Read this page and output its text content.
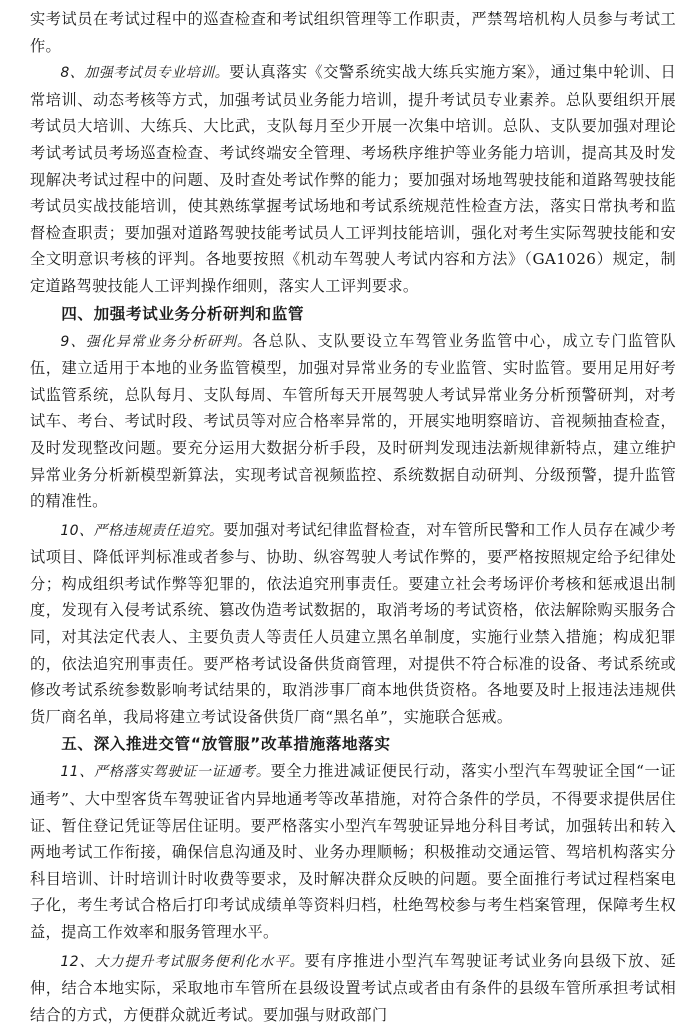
实考试员在考试过程中的巡查检查和考试组织管理等工作职责，严禁驾培机构人员参与考试工作。

8、加强考试员专业培训。要认真落实《交警系统实战大练兵实施方案》，通过集中轮训、日常培训、动态考核等方式，加强考试员业务能力培训，提升考试员专业素养。总队要组织开展考试员大培训、大练兵、大比武，支队每月至少开展一次集中培训。总队、支队要加强对理论考试考试员考场巡查检查、考试终端安全管理、考场秩序维护等业务能力培训，提高其及时发现解决考试过程中的问题、及时查处考试作弊的能力；要加强对场地驾驶技能和道路驾驶技能考试员实战技能培训，使其熟练掌握考试场地和考试系统规范性检查方法，落实日常执考和监督检查职责；要加强对道路驾驶技能考试员人工评判技能培训，强化对考生实际驾驶技能和安全文明意识考核的评判。各地要按照《机动车驾驶人考试内容和方法》（GA1026）规定，制定道路驾驶技能人工评判操作细则，落实人工评判要求。

四、加强考试业务分析研判和监管

9、强化异常业务分析研判。各总队、支队要设立车驾管业务监管中心，成立专门监管队伍，建立适用于本地的业务监管模型，加强对异常业务的专业监管、实时监管。要用足用好考试监管系统，总队每月、支队每周、车管所每天开展驾驶人考试异常业务分析预警研判，对考试车、考台、考试时段、考试员等对应合格率异常的，开展实地明察暗访、音视频抽查检查，及时发现整改问题。要充分运用大数据分析手段，及时研判发现违法新规律新特点，建立维护异常业务分析新模型新算法，实现考试音视频监控、系统数据自动研判、分级预警，提升监管的精准性。

10、严格违规责任追究。要加强对考试纪律监督检查，对车管所民警和工作人员存在减少考试项目、降低评判标准或者参与、协助、纵容驾驶人考试作弊的，要严格按照规定给予纪律处分；构成组织考试作弊等犯罪的，依法追究刑事责任。要建立社会考场评价考核和惩戒退出制度，发现有入侵考试系统、篡改伪造考试数据的，取消考场的考试资格，依法解除购买服务合同，对其法定代表人、主要负责人等责任人员建立黑名单制度，实施行业禁入措施；构成犯罪的，依法追究刑事责任。要严格考试设备供货商管理，对提供不符合标准的设备、考试系统或修改考试系统参数影响考试结果的，取消涉事厂商本地供货资格。各地要及时上报违法违规供货厂商名单，我局将建立考试设备供货厂商“黑名单”，实施联合惩戒。

五、深入推进交管“放管服”改革措施落地落实

11、严格落实驾驶证一证通考。要全力推进减证便民行动，落实小型汽车驾驶证全国“一证通考”、大中型客货车驾驶证省内异地通考等改革措施，对符合条件的学员，不得要求提供居住证、暂住登记凭证等居住证明。要严格落实小型汽车驾驶证异地分科目考试，加强转出和转入两地考试工作衔接，确保信息沟通及时、业务办理顺畅；积极推动交通运管、驾培机构落实分科目培训、计时培训计时收费等要求，及时解决群众反映的问题。要全面推行考试过程档案电子化，考生考试合格后打印考试成绩单等资料归档，杜绝驾校参与考生档案管理，保障考生权益，提高工作效率和服务管理水平。

12、大力提升考试服务便利化水平。要有序推进小型汽车驾驶证考试业务向县级下放、延伸，结合本地实际，采取地市车管所在县级设置考试点或者由有条件的县级车管所承担考试相结合的方式，方便群众就近考试。要加强与财政部门
